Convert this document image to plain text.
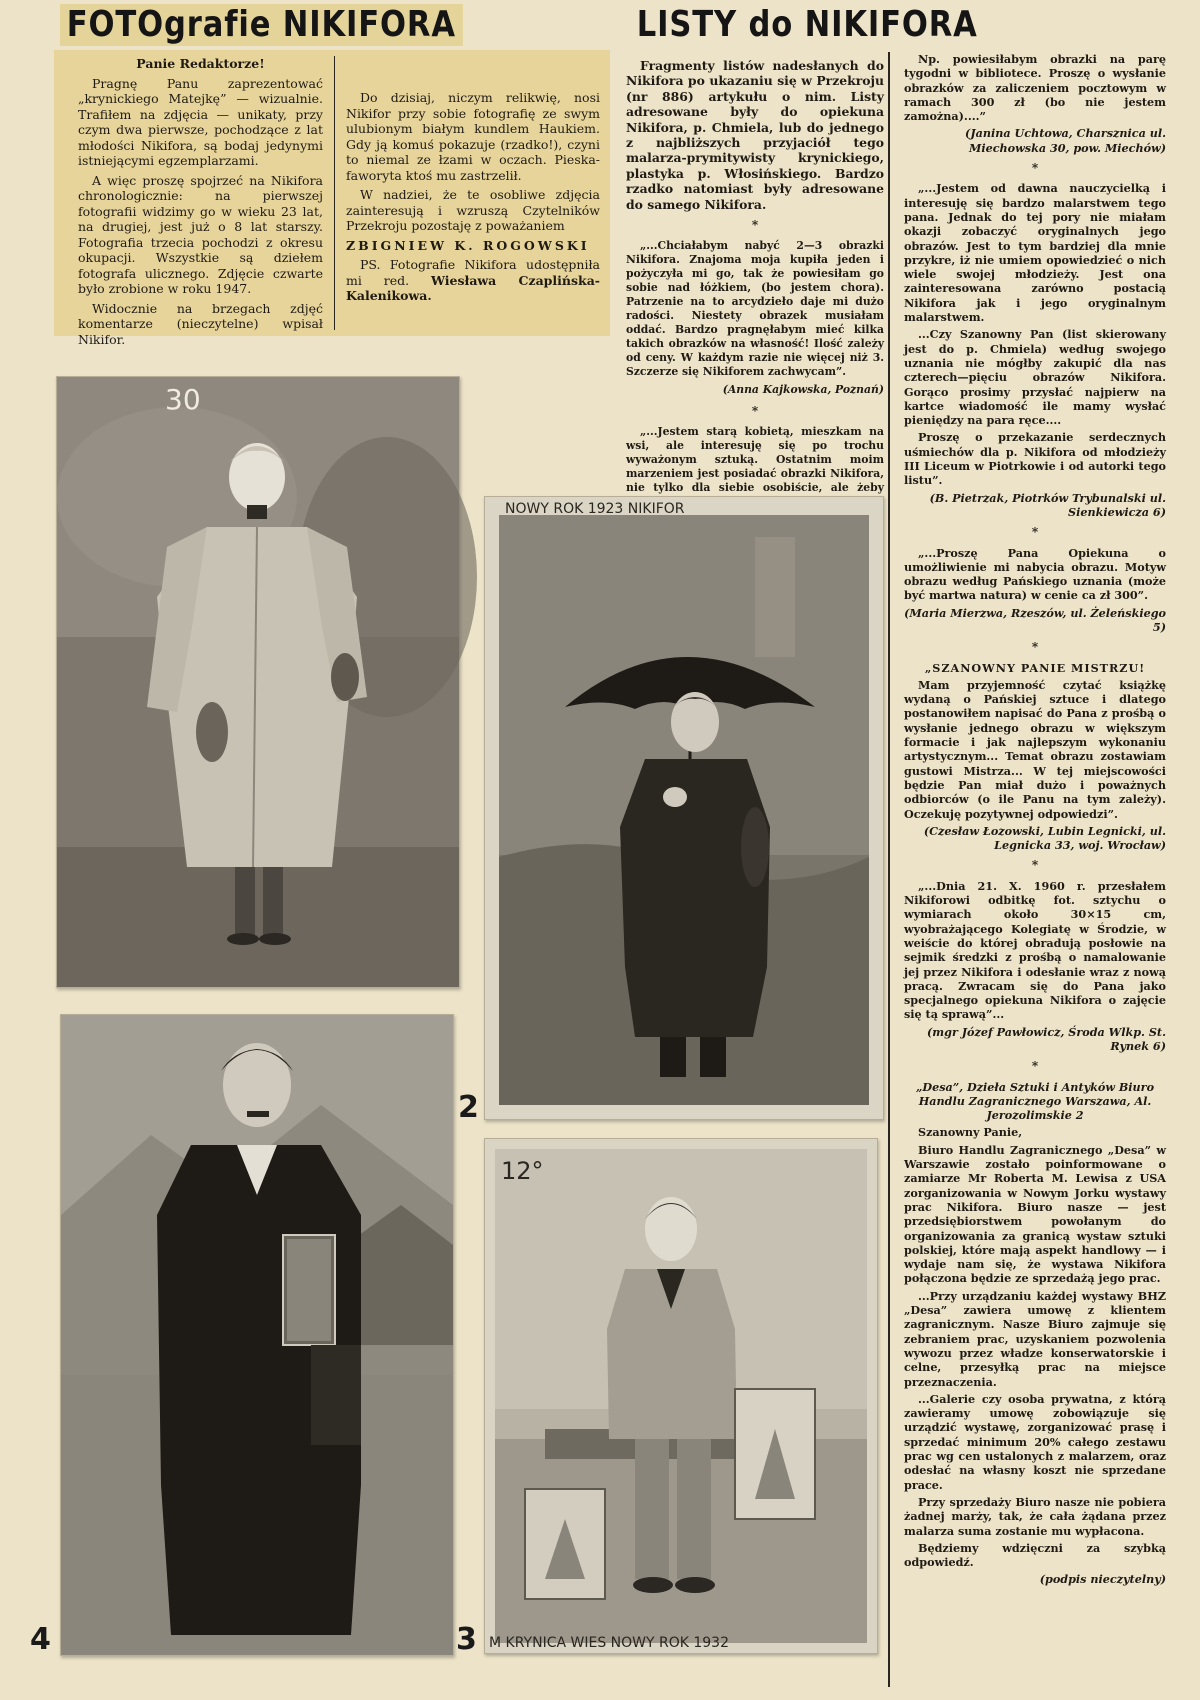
FOTOgrafie NIKIFORA	LISTY do NIKIFORA

Panie Redaktorze!

Pragnę Panu zaprezentować „krynickiego Matejkę” — wizualnie. Trafiłem na zdjęcia — unikaty, przy czym dwa pierwsze, pochodzące z lat młodości Nikifora, są bodaj jedynymi istniejącymi egzemplarzami.

A więc proszę spojrzeć na Nikifora chronologicznie: na pierwszej fotografii widzimy go w wieku 23 lat, na drugiej, jest już o 8 lat starszy. Fotografia trzecia pochodzi z okresu okupacji. Wszystkie są dziełem fotografa ulicznego. Zdjęcie czwarte było zrobione w roku 1947.

Widocznie na brzegach zdjęć komentarze (nieczytelne) wpisał Nikifor.

Do dzisiaj, niczym relikwię, nosi Nikifor przy sobie fotografię ze swym ulubionym białym kundlem Haukiem. Gdy ją komuś pokazuje (rzadko!), czyni to niemal ze łzami w oczach. Pieska-faworyta ktoś mu zastrzelił.

W nadziei, że te osobliwe zdjęcia zainteresują i wzruszą Czytelników Przekroju pozostaję z poważaniem

ZBIGNIEW K. ROGOWSKI

PS. Fotografie Nikifora udostępniła mi red. Wiesława Czaplińska-Kalenikowa.

Fragmenty listów nadesłanych do Nikifora po ukazaniu się w Przekroju (nr 886) artykułu o nim. Listy adresowane były do opiekuna Nikifora, p. Chmiela, lub do jednego z najbliższych przyjaciół tego malarza-prymitywisty krynickiego, plastyka p. Włosińskiego. Bardzo rzadko natomiast były adresowane do samego Nikifora.

*

„...Chciałabym nabyć 2—3 obrazki Nikifora. Znajoma moja kupiła jeden i pożyczyła mi go, tak że powiesiłam go sobie nad łóżkiem, (bo jestem chora). Patrzenie na to arcydzieło daje mi dużo radości. Niestety obrazek musiałam oddać. Bardzo pragnęłabym mieć kilka takich obrazków na własność! Ilość zależy od ceny. W każdym razie nie więcej niż 3. Szczerze się Nikiforem zachwycam”.

(Anna Kajkowska, Poznań)

*

„...Jestem starą kobietą, mieszkam na wsi, ale interesuję się po trochu wyważonym sztuką. Ostatnim moim marzeniem jest posiadać obrazki Nikifora, nie tylko dla siebie osobiście, ale żeby

Np. powiesiłabym obrazki na parę tygodni w bibliotece. Proszę o wysłanie obrazków za zaliczeniem pocztowym w ramach 300 zł (bo nie jestem zamożna)....”

(Janina Uchtowa, Charsznica ul. Miechowska 30, pow. Miechów)

*

„...Jestem od dawna nauczycielką i interesuję się bardzo malarstwem tego pana. Jednak do tej pory nie miałam okazji zobaczyć oryginalnych jego obrazów. Jest to tym bardziej dla mnie przykre, iż nie umiem opowiedzieć o nich wiele swojej młodzieży. Jest ona zainteresowana zarówno postacią Nikifora jak i jego oryginalnym malarstwem.

...Czy Szanowny Pan (list skierowany jest do p. Chmiela) według swojego uznania nie mógłby zakupić dla nas czterech—pięciu obrazów Nikifora. Gorąco prosimy przysłać najpierw na kartce wiadomość ile mamy wysłać pieniędzy na para ręce....

Proszę o przekazanie serdecznych uśmiechów dla p. Nikifora od młodzieży III Liceum w Piotrkowie i od autorki tego listu”.

(B. Pietrzak, Piotrków Trybunalski ul. Sienkiewicza 6)

*

„...Proszę Pana Opiekuna o umożliwienie mi nabycia obrazu. Motyw obrazu według Pańskiego uznania (może być martwa natura) w cenie ca zł 300”.

(Maria Mierzwa, Rzeszów, ul. Żeleńskiego 5)

*

„SZANOWNY PANIE MISTRZU!

Mam przyjemność czytać książkę wydaną o Pańskiej sztuce i dlatego postanowiłem napisać do Pana z prośbą o wysłanie jednego obrazu w większym formacie i jak najlepszym wykonaniu artystycznym... Temat obrazu zostawiam gustowi Mistrza... W tej miejscowości będzie Pan miał dużo i poważnych odbiorców (o ile Panu na tym zależy). Oczekuję pozytywnej odpowiedzi”.

(Czesław Łozowski, Lubin Legnicki, ul. Legnicka 33, woj. Wrocław)

*

„...Dnia 21. X. 1960 r. przesłałem Nikiforowi odbitkę fot. sztychu o wymiarach około 30×15 cm, wyobrażającego Kolegiatę w Środzie, w weiście do której obradują posłowie na sejmik średzki z prośbą o namalowanie jej przez Nikifora i odesłanie wraz z nową pracą. Zwracam się do Pana jako specjalnego opiekuna Nikifora o zajęcie się tą sprawą”...

(mgr Józef Pawłowicz, Środa Wlkp. St. Rynek 6)

*

„Desa”, Dzieła Sztuki i Antyków Biuro Handlu Zagranicznego Warszawa, Al. Jerozolimskie 2

Szanowny Panie,

Biuro Handlu Zagranicznego „Desa” w Warszawie zostało poinformowane o zamiarze Mr Roberta M. Lewisa z USA zorganizowania w Nowym Jorku wystawy prac Nikifora. Biuro nasze — jest przedsiębiorstwem powołanym do organizowania za granicą wystaw sztuki polskiej, które mają aspekt handlowy — i wydaje nam się, że wystawa Nikifora połączona będzie ze sprzedażą jego prac.

...Przy urządzaniu każdej wystawy BHZ „Desa” zawiera umowę z klientem zagranicznym. Nasze Biuro zajmuje się zebraniem prac, uzyskaniem pozwolenia wywozu przez władze konserwatorskie i celne, przesyłką prac na miejsce przeznaczenia.

...Galerie czy osoba prywatna, z którą zawieramy umowę zobowiązuje się urządzić wystawę, zorganizować prasę i sprzedać minimum 20% całego zestawu prac wg cen ustalonych z malarzem, oraz odesłać na własny koszt nie sprzedane prace.

Przy sprzedaży Biuro nasze nie pobiera żadnej marży, tak, że cała żądana przez malarza suma zostanie mu wypłacona.

Będziemy wdzięczni za szybką odpowiedź.

(podpis nieczytelny)

30
NOWY ROK 1923 NIKIFOR
2
4
12°
M KRYNICA WIES NOWY ROK 1932
3
